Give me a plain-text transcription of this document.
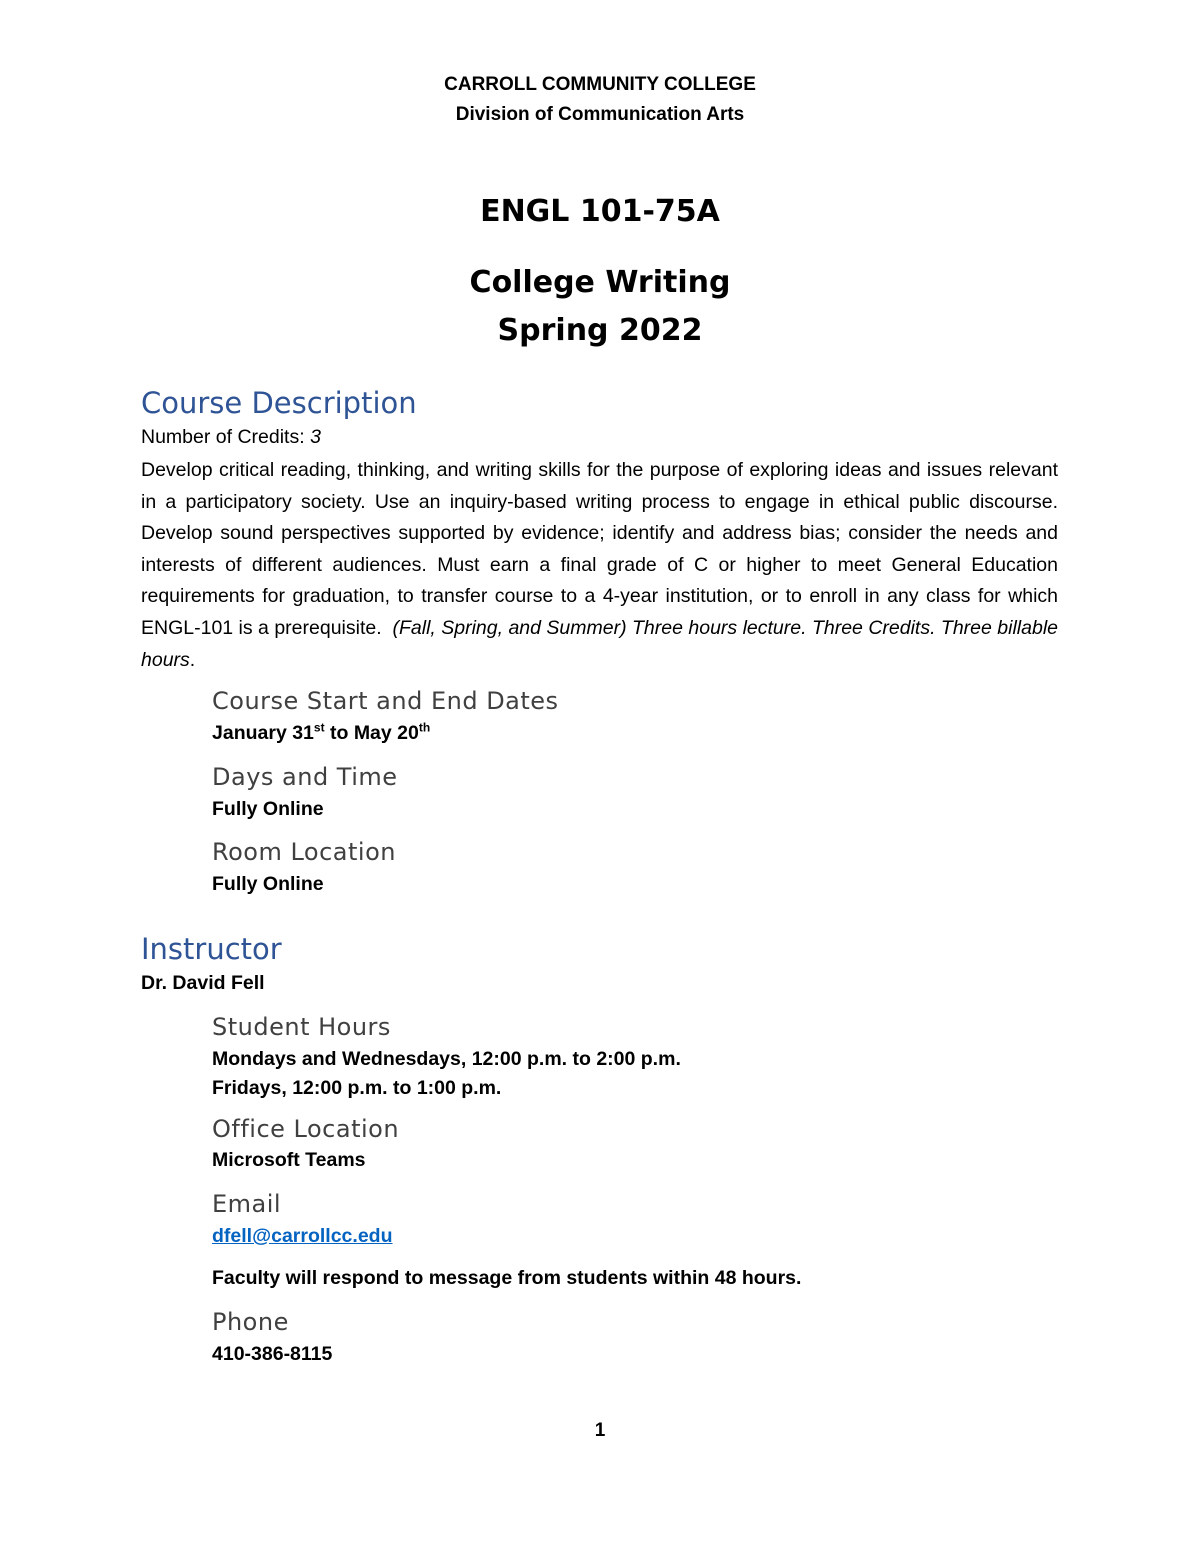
CARROLL COMMUNITY COLLEGE
Division of Communication Arts
ENGL 101-75A
College Writing
Spring 2022
Course Description
Number of Credits: 3
Develop critical reading, thinking, and writing skills for the purpose of exploring ideas and issues relevant in a participatory society. Use an inquiry-based writing process to engage in ethical public discourse. Develop sound perspectives supported by evidence; identify and address bias; consider the needs and interests of different audiences. Must earn a final grade of C or higher to meet General Education requirements for graduation, to transfer course to a 4-year institution, or to enroll in any class for which ENGL-101 is a prerequisite. (Fall, Spring, and Summer) Three hours lecture. Three Credits. Three billable hours.
Course Start and End Dates
January 31st to May 20th
Days and Time
Fully Online
Room Location
Fully Online
Instructor
Dr. David Fell
Student Hours
Mondays and Wednesdays, 12:00 p.m. to 2:00 p.m.
Fridays, 12:00 p.m. to 1:00 p.m.
Office Location
Microsoft Teams
Email
dfell@carrollcc.edu
Faculty will respond to message from students within 48 hours.
Phone
410-386-8115
1
